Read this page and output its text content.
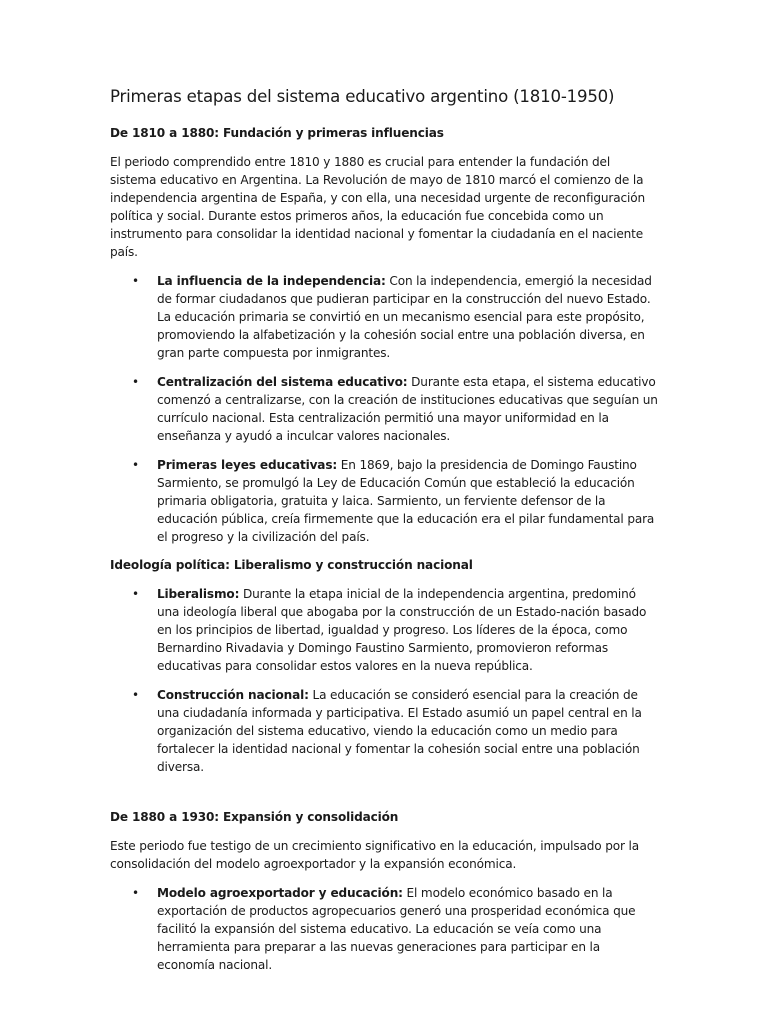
Primeras etapas del sistema educativo argentino (1810-1950)
De 1810 a 1880: Fundación y primeras influencias

El periodo comprendido entre 1810 y 1880 es crucial para entender la fundación del sistema educativo en Argentina. La Revolución de mayo de 1810 marcó el comienzo de la independencia argentina de España, y con ella, una necesidad urgente de reconfiguración política y social. Durante estos primeros años, la educación fue concebida como un instrumento para consolidar la identidad nacional y fomentar la ciudadanía en el naciente país.

• La influencia de la independencia: Con la independencia, emergió la necesidad de formar ciudadanos que pudieran participar en la construcción del nuevo Estado. La educación primaria se convirtió en un mecanismo esencial para este propósito, promoviendo la alfabetización y la cohesión social entre una población diversa, en gran parte compuesta por inmigrantes.
• Centralización del sistema educativo: Durante esta etapa, el sistema educativo comenzó a centralizarse, con la creación de instituciones educativas que seguían un currículo nacional. Esta centralización permitió una mayor uniformidad en la enseñanza y ayudó a inculcar valores nacionales.
• Primeras leyes educativas: En 1869, bajo la presidencia de Domingo Faustino Sarmiento, se promulgó la Ley de Educación Común que estableció la educación primaria obligatoria, gratuita y laica. Sarmiento, un ferviente defensor de la educación pública, creía firmemente que la educación era el pilar fundamental para el progreso y la civilización del país.
Ideología política: Liberalismo y construcción nacional
• Liberalismo: Durante la etapa inicial de la independencia argentina, predominó una ideología liberal que abogaba por la construcción de un Estado-nación basado en los principios de libertad, igualdad y progreso. Los líderes de la época, como Bernardino Rivadavia y Domingo Faustino Sarmiento, promovieron reformas educativas para consolidar estos valores en la nueva república.
• Construcción nacional: La educación se consideró esencial para la creación de una ciudadanía informada y participativa. El Estado asumió un papel central en la organización del sistema educativo, viendo la educación como un medio para fortalecer la identidad nacional y fomentar la cohesión social entre una población diversa.
De 1880 a 1930: Expansión y consolidación

Este periodo fue testigo de un crecimiento significativo en la educación, impulsado por la consolidación del modelo agroexportador y la expansión económica.

• Modelo agroexportador y educación: El modelo económico basado en la exportación de productos agropecuarios generó una prosperidad económica que facilitó la expansión del sistema educativo. La educación se veía como una herramienta para preparar a las nuevas generaciones para participar en la economía nacional.
